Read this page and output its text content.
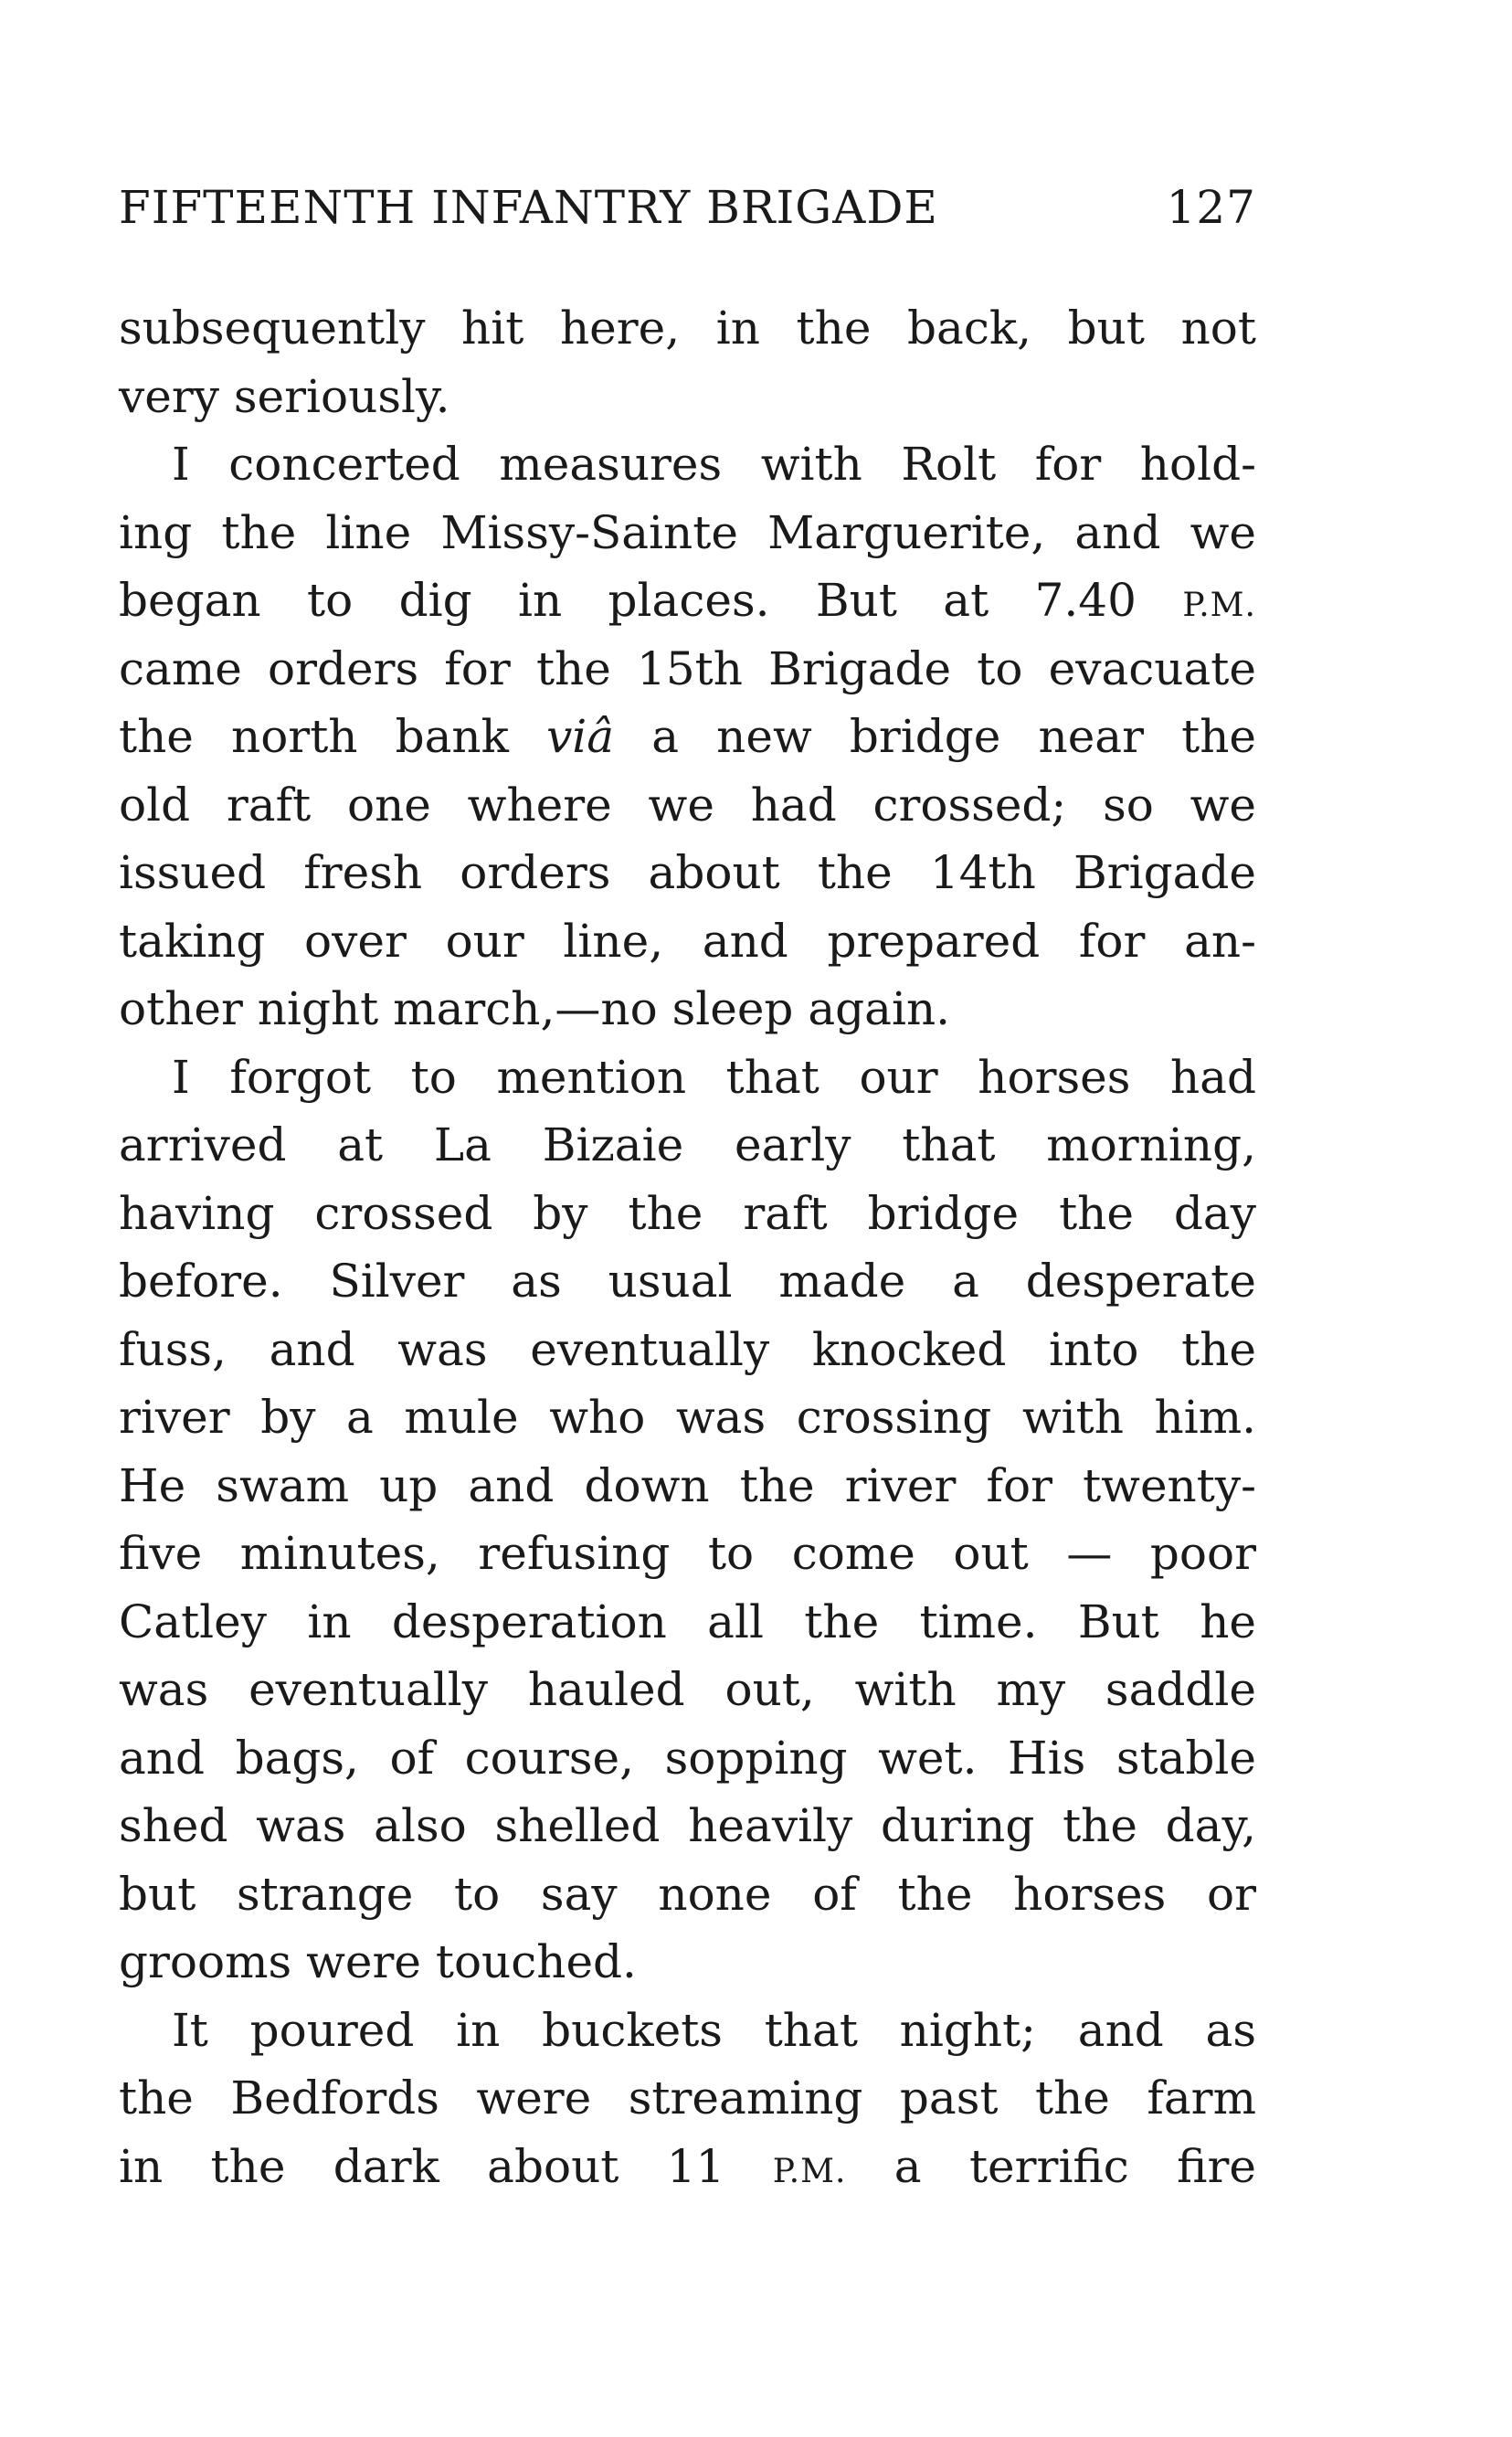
FIFTEENTH INFANTRY BRIGADE	127
subsequently hit here, in the back, but not
very seriously.
I concerted measures with Rolt for hold-
ing the line Missy-Sainte Marguerite, and we
began to dig in places. But at 7.40 P.M.
came orders for the 15th Brigade to evacuate
the north bank viâ a new bridge near the
old raft one where we had crossed; so we
issued fresh orders about the 14th Brigade
taking over our line, and prepared for an-
other night march,—no sleep again.
I forgot to mention that our horses had
arrived at La Bizaie early that morning,
having crossed by the raft bridge the day
before. Silver as usual made a desperate
fuss, and was eventually knocked into the
river by a mule who was crossing with him.
He swam up and down the river for twenty-
five minutes, refusing to come out — poor
Catley in desperation all the time. But he
was eventually hauled out, with my saddle
and bags, of course, sopping wet. His stable
shed was also shelled heavily during the day,
but strange to say none of the horses or
grooms were touched.
It poured in buckets that night; and as
the Bedfords were streaming past the farm
in the dark about 11 P.M. a terrific fire
